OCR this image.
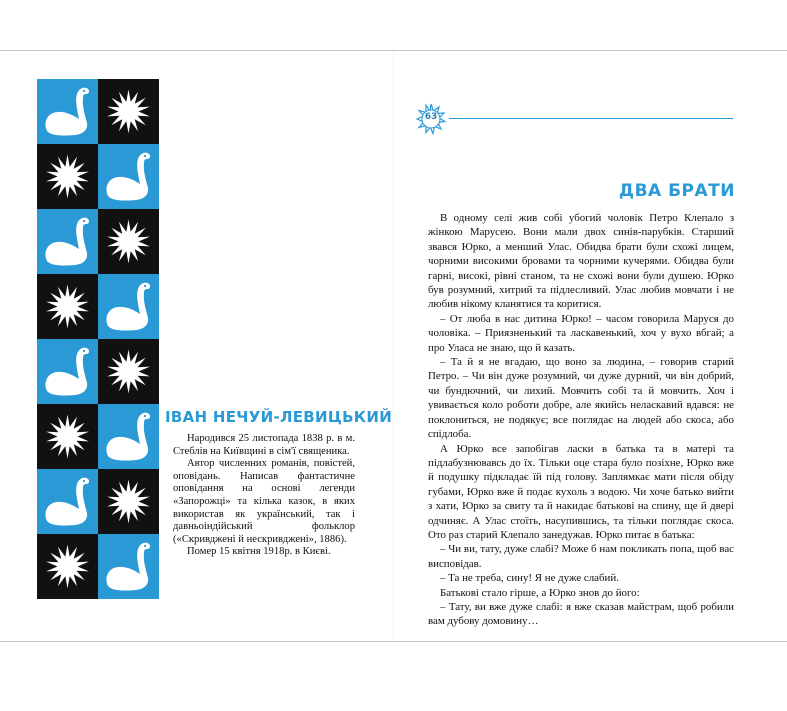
ІВАН НЕЧУЙ-ЛЕВИЦЬКИЙ

Народився 25 листопада 1838 р. в м. Стеблів на Київщині в сім'ї священика.

Автор численних романів, повістей, оповідань. Написав фантастичне оповідання на основі легенди «Запорожці» та кілька казок, в яких використав як український, так і давньоіндійський фольклор («Скривджені й нескривджені», 1886).

Помер 15 квітня 1918р. в Києві.

63
ДВА БРАТИ

В одному селі жив собі убогий чоловік Петро Клепало з жінкою Марусею. Вони мали двох синів-парубків. Старший звався Юрко, а менший Улас. Обидва брати були схожі лицем, чорними високими бровами та чорними кучерями. Обидва були гарні, високі, рівні станом, та не схожі вони були душею. Юрко був розумний, хитрий та підлесливий. Улас любив мовчати і не любив нікому кланятися та коритися.

– От люба в нас дитина Юрко! – часом говорила Маруся до чоловіка. – Приязненький та ласкавенький, хоч у вухо вбгай; а про Уласа не знаю, що й казать.

– Та й я не вгадаю, що воно за людина, – говорив старий Петро. – Чи він дуже розумний, чи дуже дурний, чи він добрий, чи бундючний, чи лихий. Мовчить собі та й мовчить. Хоч і увивається коло роботи добре, але якийсь неласкавий вдався: не поклониться, не подякує; все поглядає на людей або скоса, або спідлоба.

А Юрко все запобігав ласки в батька та в матері та підлабузнювавсь до їх. Тільки оце стара було позіхне, Юрко вже й подушку підкладає їй під голову. Заплямкає мати після обіду губами, Юрко вже й подає кухоль з водою. Чи хоче батько вийти з хати, Юрко за свиту та й накидає батькові на спину, ще й двері одчиняє. А Улас стоїть, насупившись, та тільки поглядає скоса. Ото раз старий Клепало занедужав. Юрко питає в батька:

– Чи ви, тату, дуже слабі? Може б нам покликать попа, щоб вас висповідав.

– Та не треба, сину! Я не дуже слабий.

Батькові стало гірше, а Юрко знов до його:

– Тату, ви вже дуже слабі: я вже сказав майстрам, щоб робили вам дубову домовину…
